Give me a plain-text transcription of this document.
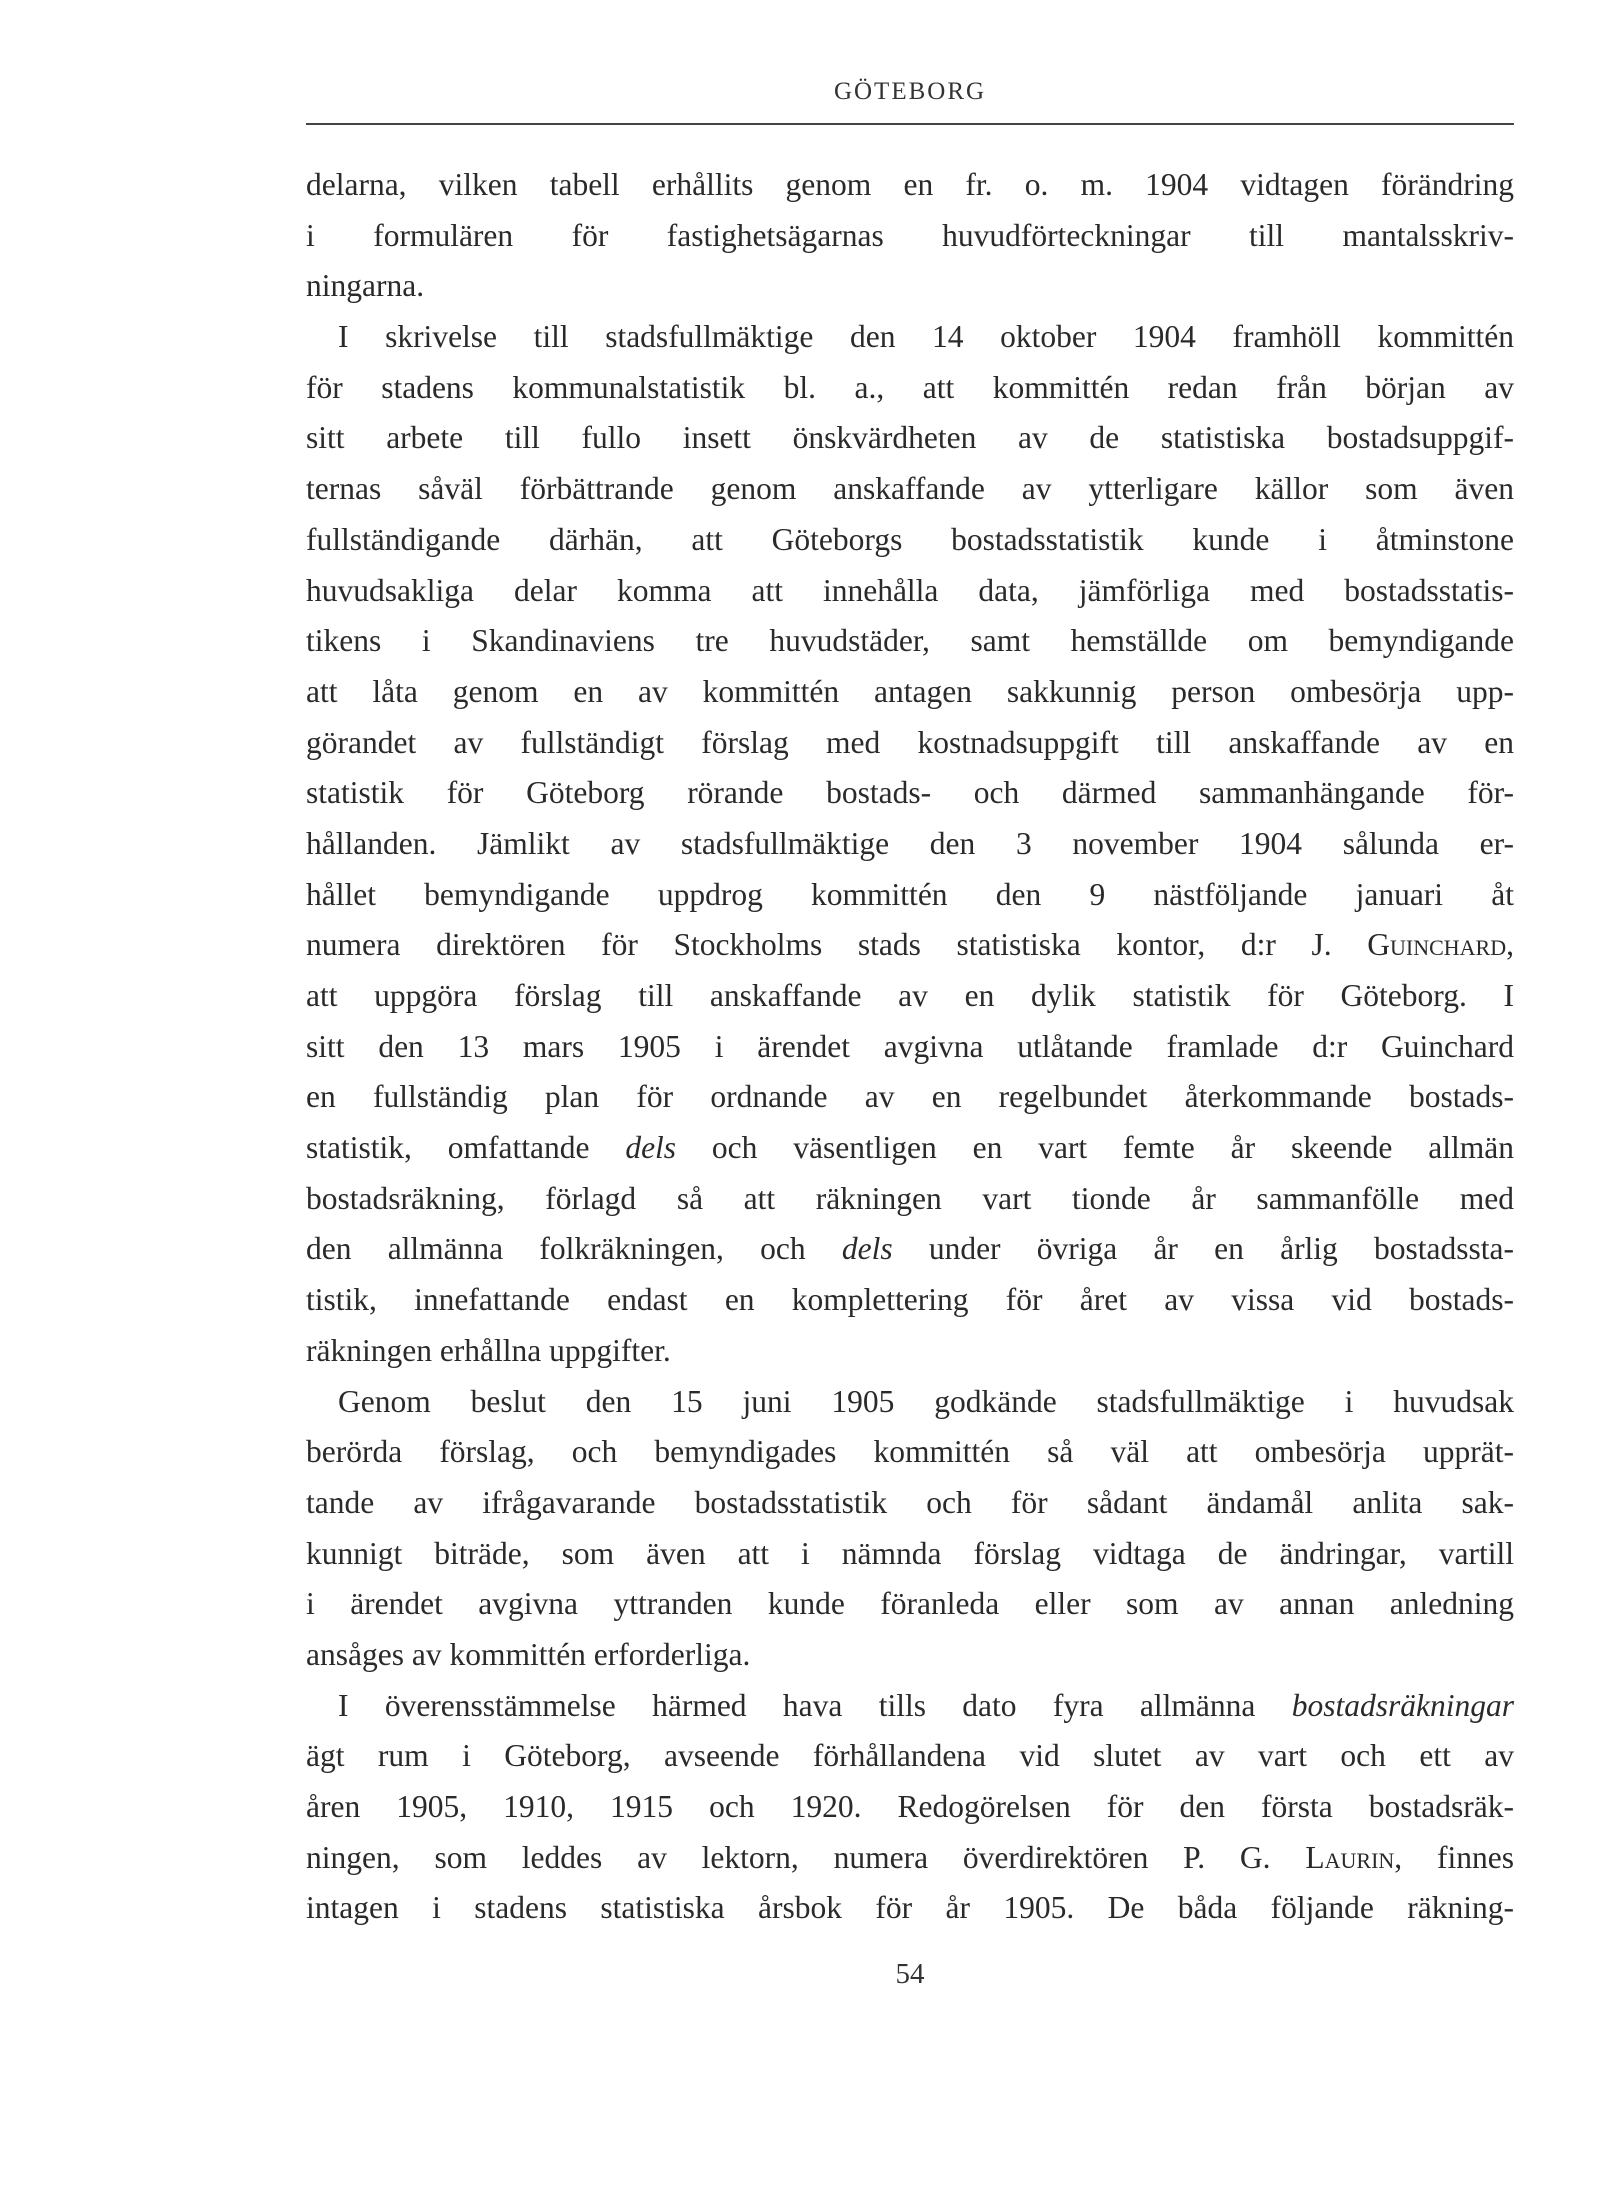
GÖTEBORG
delarna, vilken tabell erhållits genom en fr. o. m. 1904 vidtagen förändring
i formulären för fastighetsägarnas huvudförteckningar till mantalsskriv-
ningarna.
I skrivelse till stadsfullmäktige den 14 oktober 1904 framhöll kommittén
för stadens kommunalstatistik bl. a., att kommittén redan från början av
sitt arbete till fullo insett önskvärdheten av de statistiska bostadsuppgif-
ternas såväl förbättrande genom anskaffande av ytterligare källor som även
fullständigande därhän, att Göteborgs bostadsstatistik kunde i åtminstone
huvudsakliga delar komma att innehålla data, jämförliga med bostadsstatis-
tikens i Skandinaviens tre huvudstäder, samt hemställde om bemyndigande
att låta genom en av kommittén antagen sakkunnig person ombesörja upp-
görandet av fullständigt förslag med kostnadsuppgift till anskaffande av en
statistik för Göteborg rörande bostads- och därmed sammanhängande för-
hållanden. Jämlikt av stadsfullmäktige den 3 november 1904 sålunda er-
hållet bemyndigande uppdrog kommittén den 9 nästföljande januari åt
numera direktören för Stockholms stads statistiska kontor, d:r J. Guinchard,
att uppgöra förslag till anskaffande av en dylik statistik för Göteborg. I
sitt den 13 mars 1905 i ärendet avgivna utlåtande framlade d:r Guinchard
en fullständig plan för ordnande av en regelbundet återkommande bostads-
statistik, omfattande dels och väsentligen en vart femte år skeende allmän
bostadsräkning, förlagd så att räkningen vart tionde år sammanfölle med
den allmänna folkräkningen, och dels under övriga år en årlig bostadssta-
tistik, innefattande endast en komplettering för året av vissa vid bostads-
räkningen erhållna uppgifter.
Genom beslut den 15 juni 1905 godkände stadsfullmäktige i huvudsak
berörda förslag, och bemyndigades kommittén så väl att ombesörja upprät-
tande av ifrågavarande bostadsstatistik och för sådant ändamål anlita sak-
kunnigt biträde, som även att i nämnda förslag vidtaga de ändringar, vartill
i ärendet avgivna yttranden kunde föranleda eller som av annan anledning
ansåges av kommittén erforderliga.
I överensstämmelse härmed hava tills dato fyra allmänna bostadsräkningar
ägt rum i Göteborg, avseende förhållandena vid slutet av vart och ett av
åren 1905, 1910, 1915 och 1920. Redogörelsen för den första bostadsräk-
ningen, som leddes av lektorn, numera överdirektören P. G. Laurin, finnes
intagen i stadens statistiska årsbok för år 1905. De båda följande räkning-
54
